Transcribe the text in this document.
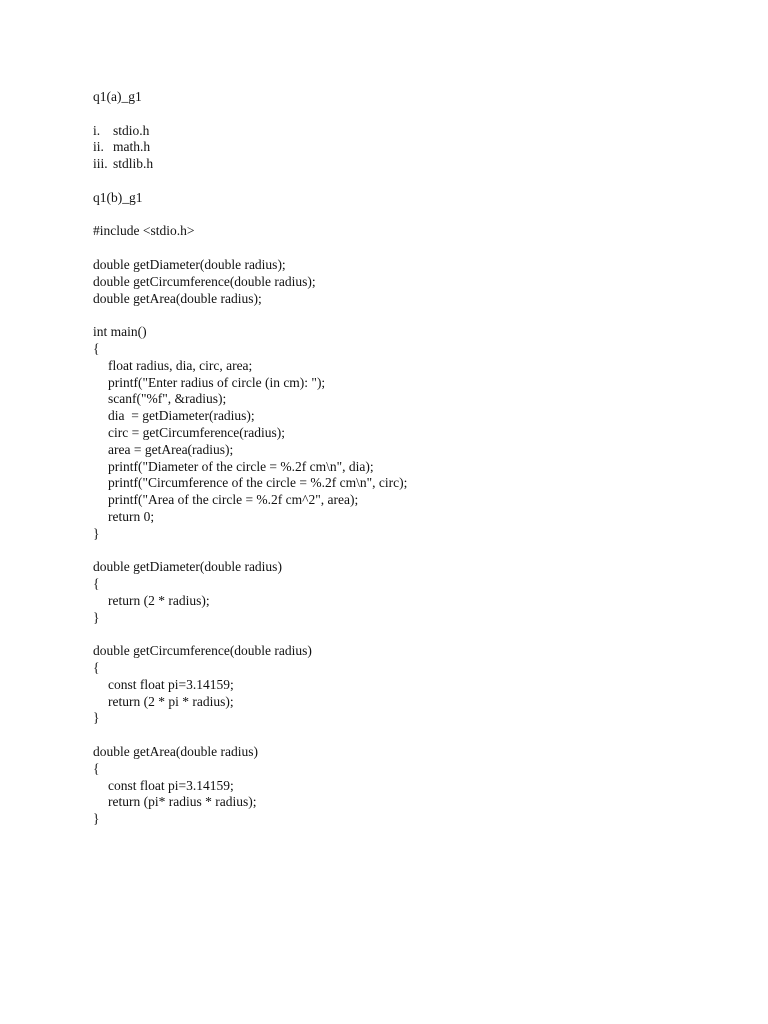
q1(a)_g1
i. stdio.h
ii. math.h
iii. stdlib.h
q1(b)_g1
#include <stdio.h>
double getDiameter(double radius);
double getCircumference(double radius);
double getArea(double radius);
int main()
{
float radius, dia, circ, area;
printf("Enter radius of circle (in cm): ");
scanf("%f", &radius);
dia  = getDiameter(radius);
circ = getCircumference(radius);
area = getArea(radius);
printf("Diameter of the circle = %.2f cm\n", dia);
printf("Circumference of the circle = %.2f cm\n", circ);
printf("Area of the circle = %.2f cm^2", area);
return 0;
}
double getDiameter(double radius)
{
return (2 * radius);
}
double getCircumference(double radius)
{
const float pi=3.14159;
return (2 * pi * radius);
}
double getArea(double radius)
{
const float pi=3.14159;
return (pi* radius * radius);
}
